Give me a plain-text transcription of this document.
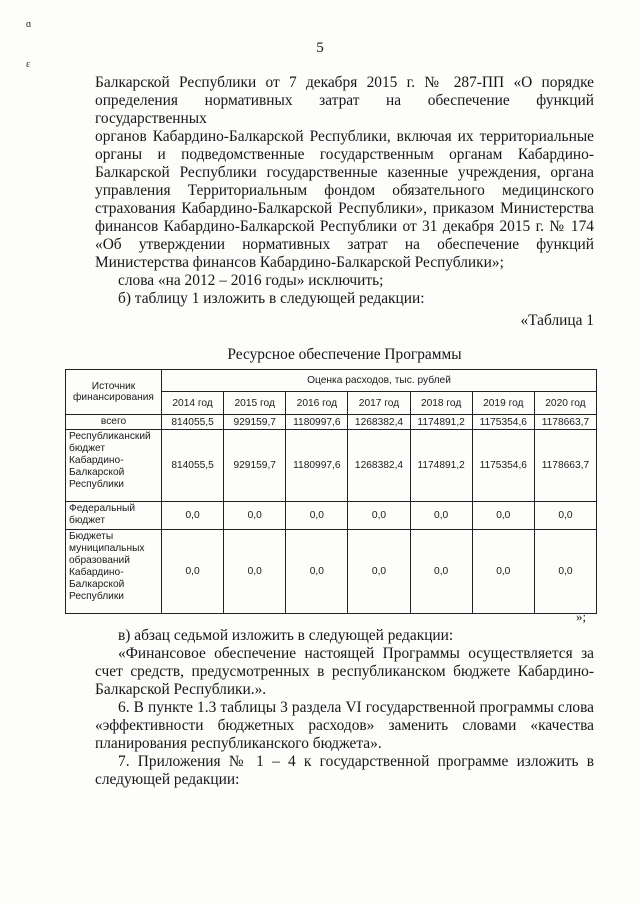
5
ɑ
ɛ

Балкарской Республики от 7 декабря 2015 г. № 287-ПП «О порядке

определения нормативных затрат на обеспечение функций государственных

органов Кабардино-Балкарской Республики, включая их территориальные

органы и подведомственные государственным органам Кабардино-

Балкарской Республики государственные казенные учреждения, органа

управления Территориальным фондом обязательного медицинского

страхования Кабардино-Балкарской Республики», приказом Министерства

финансов Кабардино-Балкарской Республики от 31 декабря 2015 г. № 174

«Об утверждении нормативных затрат на обеспечение функций

Министерства финансов Кабардино-Балкарской Республики»;

слова «на 2012 – 2016 годы» исключить;

б) таблицу 1 изложить в следующей редакции:

«Таблица 1

Ресурсное обеспечение Программы

Источник финансирования	Оценка расходов, тыс. рублей						
	2014 год	2015 год	2016 год	2017 год	2018 год	2019 год	2020 год
всего	814055,5	929159,7	1180997,6	1268382,4	1174891,2	1175354,6	1178663,7
Республиканский бюджет Кабардино-Балкарской Республики	814055,5	929159,7	1180997,6	1268382,4	1174891,2	1175354,6	1178663,7
Федеральный бюджет	0,0	0,0	0,0	0,0	0,0	0,0	0,0
Бюджеты муниципальных образований Кабардино-Балкарской Республики	0,0	0,0	0,0	0,0	0,0	0,0	0,0
»;

в) абзац седьмой изложить в следующей редакции:

«Финансовое обеспечение настоящей Программы осуществляется за

счет средств, предусмотренных в республиканском бюджете Кабардино-

Балкарской Республики.».

6. В пункте 1.3 таблицы 3 раздела VI государственной программы слова

«эффективности бюджетных расходов» заменить словами «качества

планирования республиканского бюджета».

7. Приложения № 1 – 4 к государственной программе изложить в

следующей редакции:
